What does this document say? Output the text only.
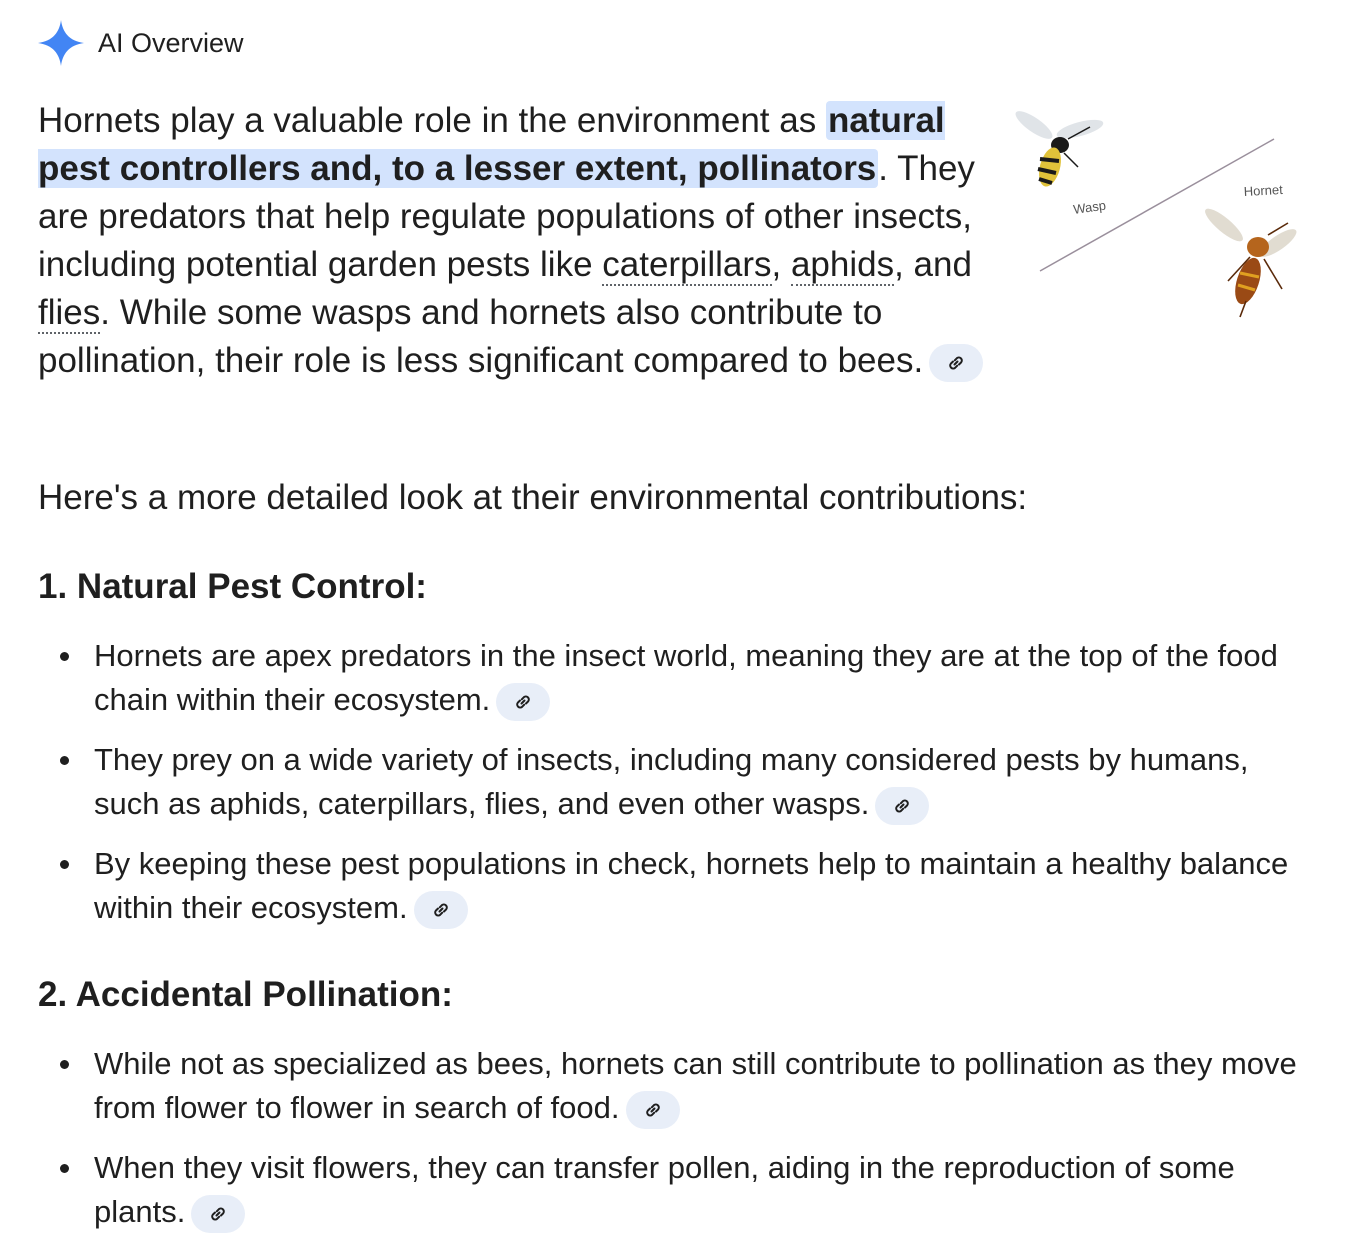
AI Overview

Hornets play a valuable role in the environment as natural pest controllers and, to a lesser extent, pollinators. They are predators that help regulate populations of other insects, including potential garden pests like caterpillars, aphids, and flies. While some wasps and hornets also contribute to pollination, their role is less significant compared to bees.

Wasp
Hornet

Here's a more detailed look at their environmental contributions:

1. Natural Pest Control:
Hornets are apex predators in the insect world, meaning they are at the top of the food chain within their ecosystem.
They prey on a wide variety of insects, including many considered pests by humans, such as aphids, caterpillars, flies, and even other wasps.
By keeping these pest populations in check, hornets help to maintain a healthy balance within their ecosystem.
2. Accidental Pollination:
While not as specialized as bees, hornets can still contribute to pollination as they move from flower to flower in search of food.
When they visit flowers, they can transfer pollen, aiding in the reproduction of some plants.
